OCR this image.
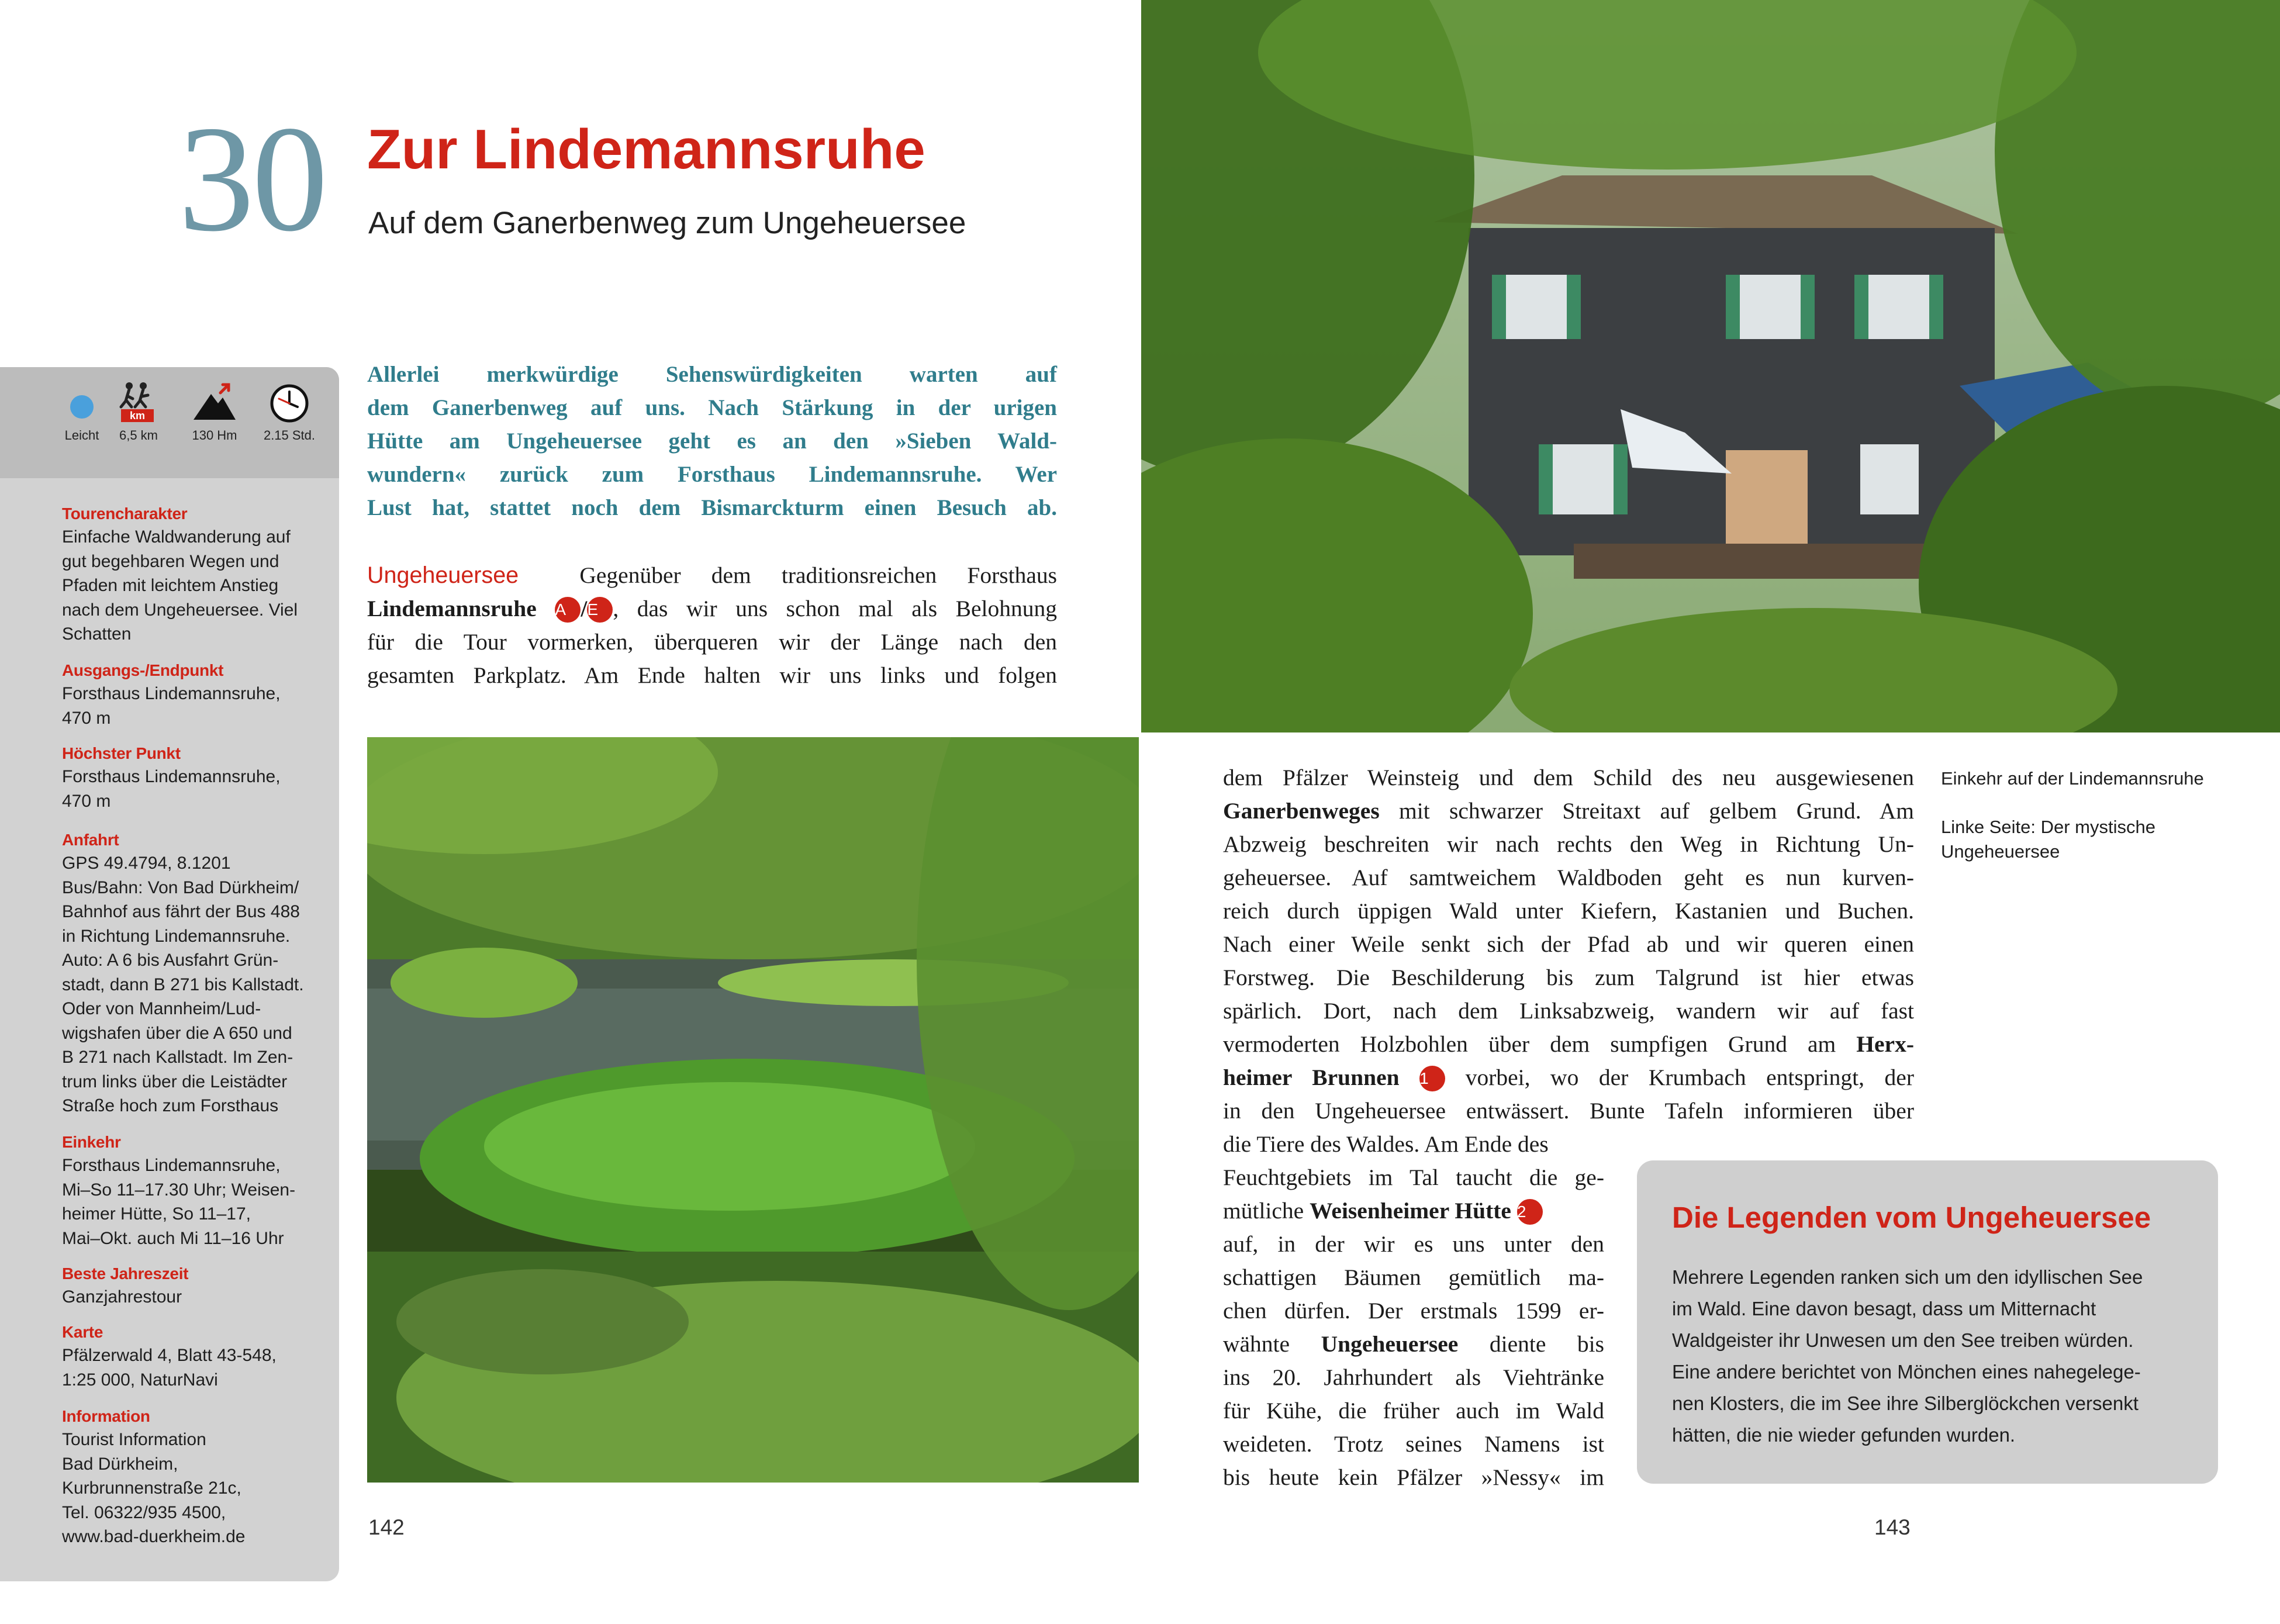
30 Zur Lindemannsruhe
Auf dem Ganerbenweg zum Ungeheuersee
Leicht
km
6,5 km	130 Hm	2.15 Std.
Tourencharakter
Einfache Waldwanderung auf
gut begehbaren Wegen und
Pfaden mit leichtem Anstieg
nach dem Ungeheuersee. Viel
Schatten
Ausgangs-/Endpunkt
Forsthaus Lindemannsruhe,
470 m
Höchster Punkt
Forsthaus Lindemannsruhe,
470 m
Anfahrt
GPS 49.4794, 8.1201
Bus/Bahn: Von Bad Dürkheim/
Bahnhof aus fährt der Bus 488
in Richtung Lindemannsruhe.
Auto: A 6 bis Ausfahrt Grün-
stadt, dann B 271 bis Kallstadt.
Oder von Mannheim/Lud-
wigshafen über die A 650 und
B 271 nach Kallstadt. Im Zen-
trum links über die Leistädter
Straße hoch zum Forsthaus
Einkehr
Forsthaus Lindemannsruhe,
Mi–So 11–17.30 Uhr; Weisen-
heimer Hütte, So 11–17,
Mai–Okt. auch Mi 11–16 Uhr
Beste Jahreszeit
Ganzjahrestour
Karte
Pfälzerwald 4, Blatt 43-548,
1:25 000, NaturNavi
Information
Tourist Information
Bad Dürkheim,
Kurbrunnenstraße 21c,
Tel. 06322/935 4500,
www.bad-duerkheim.de
Allerlei merkwürdige Sehenswürdigkeiten warten auf
dem Ganerbenweg auf uns. Nach Stärkung in der urigen
Hütte am Ungeheuersee geht es an den »Sieben Wald-
wundern« zurück zum Forsthaus Lindemannsruhe. Wer
Lust hat, stattet noch dem Bismarckturm einen Besuch ab.
Ungeheuersee	Gegenüber dem traditionsreichen Forsthaus
Lindemannsruhe A /E , das wir uns schon mal als Belohnung
für die Tour vormerken, überqueren wir der Länge nach den
gesamten Parkplatz. Am Ende halten wir uns links und folgen
dem Pfälzer Weinsteig und dem Schild des neu ausgewiesenen
Ganerbenweges mit schwarzer Streitaxt auf gelbem Grund. Am
Abzweig beschreiten wir nach rechts den Weg in Richtung Un-
geheuersee. Auf samtweichem Waldboden geht es nun kurven-
reich durch üppigen Wald unter Kiefern, Kastanien und Buchen.
Nach einer Weile senkt sich der Pfad ab und wir queren einen
Forstweg. Die Beschilderung bis zum Talgrund ist hier etwas
spärlich. Dort, nach dem Linksabzweig, wandern wir auf fast
vermoderten Holzbohlen über dem sumpfigen Grund am Herx-
heimer Brunnen 1 vorbei, wo der Krumbach entspringt, der
in den Ungeheuersee entwässert. Bunte Tafeln informieren über
die Tiere des Waldes. Am Ende des
Feuchtgebiets im Tal taucht die ge-
mütliche Weisenheimer Hütte 2
auf, in der wir es uns unter den
schattigen Bäumen gemütlich ma-
chen dürfen. Der erstmals 1599 er-
wähnte Ungeheuersee diente bis
ins 20. Jahrhundert als Viehtränke
für Kühe, die früher auch im Wald
weideten. Trotz seines Namens ist
bis heute kein Pfälzer »Nessy« im
Einkehr auf der Lindemannsruhe
Linke Seite: Der mystische
Ungeheuersee
Die Legenden vom Ungeheuersee
Mehrere Legenden ranken sich um den idyllischen See
im Wald. Eine davon besagt, dass um Mitternacht
Waldgeister ihr Unwesen um den See treiben würden.
Eine andere berichtet von Mönchen eines nahegelege-
nen Klosters, die im See ihre Silberglöckchen versenkt
hätten, die nie wieder gefunden wurden.
142	143
